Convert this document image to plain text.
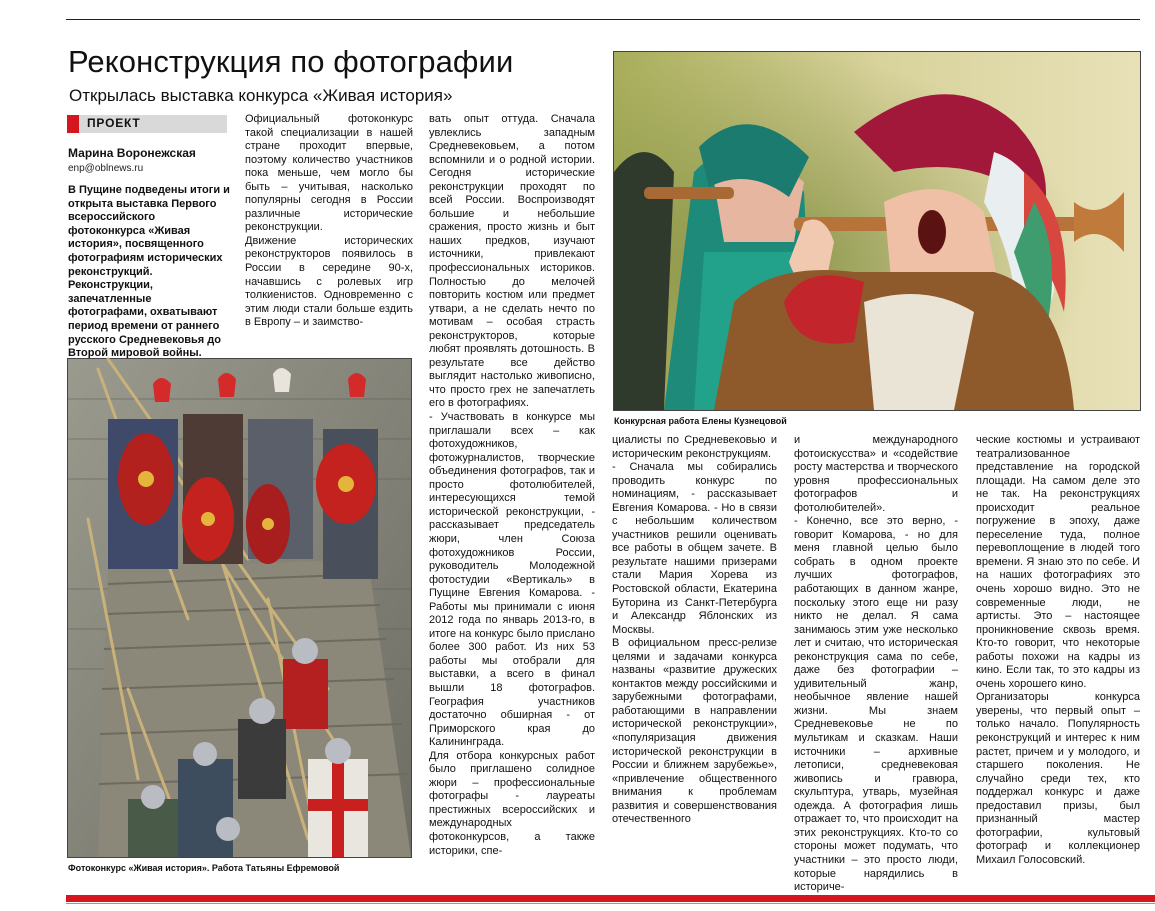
Реконструкция по фотографии
Открылась выставка конкурса «Живая история»
ПРОЕКТ
Марина Воронежская
enp@oblnews.ru

В Пущине подведены итоги и открыта выставка Первого всероссийского фотоконкурса «Живая история», посвященного фотографиям исторических реконструкций. Реконструкции, запечатленные фотографами, охватывают период времени от раннего русского Средневековья до Второй мировой войны.

Официальный фотоконкурс такой специализации в нашей стране проходит впервые, поэтому количество участников пока меньше, чем могло бы быть – учитывая, насколько популярны сегодня в России различные исторические реконструкции.

Движение исторических реконструкторов появилось в России в середине 90-х, начавшись с ролевых игр толкиенистов. Одновременно с этим люди стали больше ездить в Европу – и заимство-

вать опыт оттуда. Сначала увлеклись западным Средневековьем, а потом вспомнили и о родной истории. Сегодня исторические реконструкции проходят по всей России. Воспроизводят большие и небольшие сражения, просто жизнь и быт наших предков, изучают источники, привлекают профессиональных историков. Полностью до мелочей повторить костюм или предмет утвари, а не сделать нечто по мотивам – особая страсть реконструкторов, которые любят проявлять дотошность. В результате все действо выглядит настолько живописно, что просто грех не запечатлеть его в фотографиях.

- Участвовать в конкурсе мы приглашали всех – как фотохудожников, фотожурналистов, творческие объединения фотографов, так и просто фотолюбителей, интересующихся темой исторической реконструкции, - рассказывает председатель жюри, член Союза фотохудожников России, руководитель Молодежной фотостудии «Вертикаль» в Пущине Евгения Комарова. - Работы мы принимали с июня 2012 года по январь 2013-го, в итоге на конкурс было прислано более 300 работ. Из них 53 работы мы отобрали для выставки, а всего в финал вышли 18 фотографов. География участников достаточно обширная - от Приморского края до Калининграда.

Для отбора конкурсных работ было приглашено солидное жюри – профессиональные фотографы - лауреаты престижных всероссийских и международных фотоконкурсов, а также историки, спе-

циалисты по Средневековью и историческим реконструкциям.

- Сначала мы собирались проводить конкурс по номинациям, - рассказывает Евгения Комарова. - Но в связи с небольшим количеством участников решили оценивать все работы в общем зачете. В результате нашими призерами стали Мария Хорева из Ростовской области, Екатерина Буторина из Санкт-Петербурга и Александр Яблонских из Москвы.

В официальном пресс-релизе целями и задачами конкурса названы «развитие дружеских контактов между российскими и зарубежными фотографами, работающими в направлении исторической реконструкции», «популяризация движения исторической реконструкции в России и ближнем зарубежье», «привлечение общественного внимания к проблемам развития и совершенствования отечественного

и международного фотоискусства» и «содействие росту мастерства и творческого уровня профессиональных фотографов и фотолюбителей».

- Конечно, все это верно, - говорит Комарова, - но для меня главной целью было собрать в одном проекте лучших фотографов, работающих в данном жанре, поскольку этого еще ни разу никто не делал. Я сама занимаюсь этим уже несколько лет и считаю, что историческая реконструкция сама по себе, даже без фотографии – удивительный жанр, необычное явление нашей жизни. Мы знаем Средневековье не по мультикам и сказкам. Наши источники – архивные летописи, средневековая живопись и гравюра, скульптура, утварь, музейная одежда. А фотография лишь отражает то, что происходит на этих реконструкциях. Кто-то со стороны может подумать, что участники – это просто люди, которые нарядились в историче-

ческие костюмы и устраивают театрализованное представление на городской площади. На самом деле это не так. На реконструкциях происходит реальное погружение в эпоху, даже переселение туда, полное перевоплощение в людей того времени. Я знаю это по себе. И на наших фотографиях это очень хорошо видно. Это не современные люди, не артисты. Это – настоящее проникновение сквозь время. Кто-то говорит, что некоторые работы похожи на кадры из кино. Если так, то это кадры из очень хорошего кино.

Организаторы конкурса уверены, что первый опыт – только начало. Популярность реконструкций и интерес к ним растет, причем и у молодого, и старшего поколения. Не случайно среди тех, кто поддержал конкурс и даже предоставил призы, был признанный мастер фотографии, культовый фотограф и коллекционер Михаил Голосовский.

Фотоконкурс «Живая история». Работа Татьяны Ефремовой
Конкурсная работа Елены Кузнецовой
